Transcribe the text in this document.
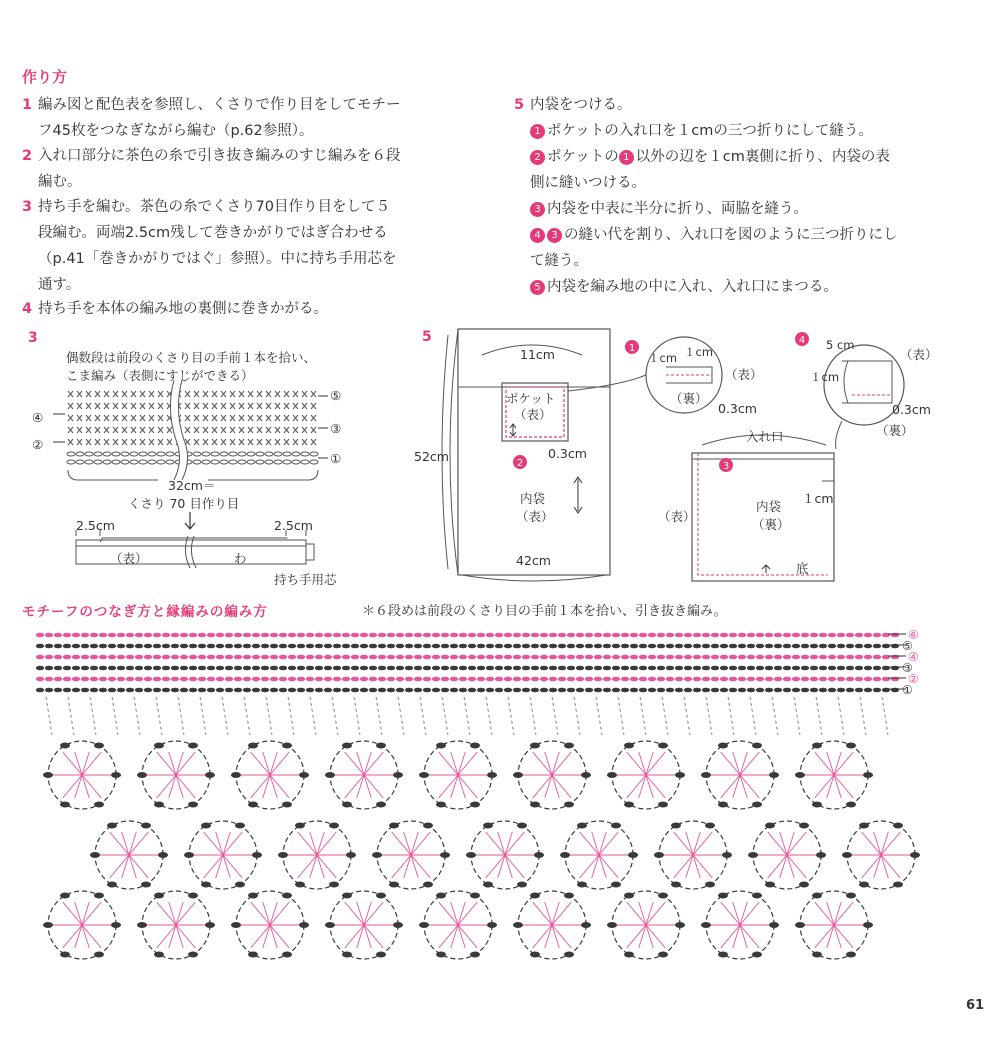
作り方
1 編み図と配色表を参照し、くさりで作り目をしてモチー
フ45枚をつなぎながら編む（p.62参照）。
2 入れ口部分に茶色の糸で引き抜き編みのすじ編みを６段
編む。
3 持ち手を編む。茶色の糸でくさり70目作り目をして５
段編む。両端2.5cm残して巻きかがりではぎ合わせる
（p.41「巻きかがりではぐ」参照）。中に持ち手用芯を
通す。
4 持ち手を本体の編み地の裏側に巻きかがる。
5 内袋をつける。
1 ポケットの入れ口を１cmの三つ折りにして縫う。
2 ポケットの 1 以外の辺を１cm裏側に折り、内袋の表
側に縫いつける。
3 内袋を中表に半分に折り、両脇を縫う。
4 3 の縫い代を割り、入れ口を図のように三つ折りにし
て縫う。
5 内袋を編み地の中に入れ、入れ口にまつる。
3
偶数段は前段のくさり目の手前１本を拾い、
こま編み（表側にすじができる）
④
②
⑤
③
①
32cm＝
くさり 70 目作り目
2.5cm	2.5cm
（表）	わ
持ち手用芯
5
2
1
4
3
11cm
52cm
42cm
ポケット
（表）
0.3cm
内袋
（表）
１cm １cm
（表）
（裏）
0.3cm
5 cm
１cm
（表）
0.3cm
（裏）
入れ口
内袋
（裏）
（表）
１cm
底
モチーフのつなぎ方と縁編みの編み方	＊６段めは前段のくさり目の手前１本を拾い、引き抜き編み。
⑥
⑤
④
③
②
①
61
